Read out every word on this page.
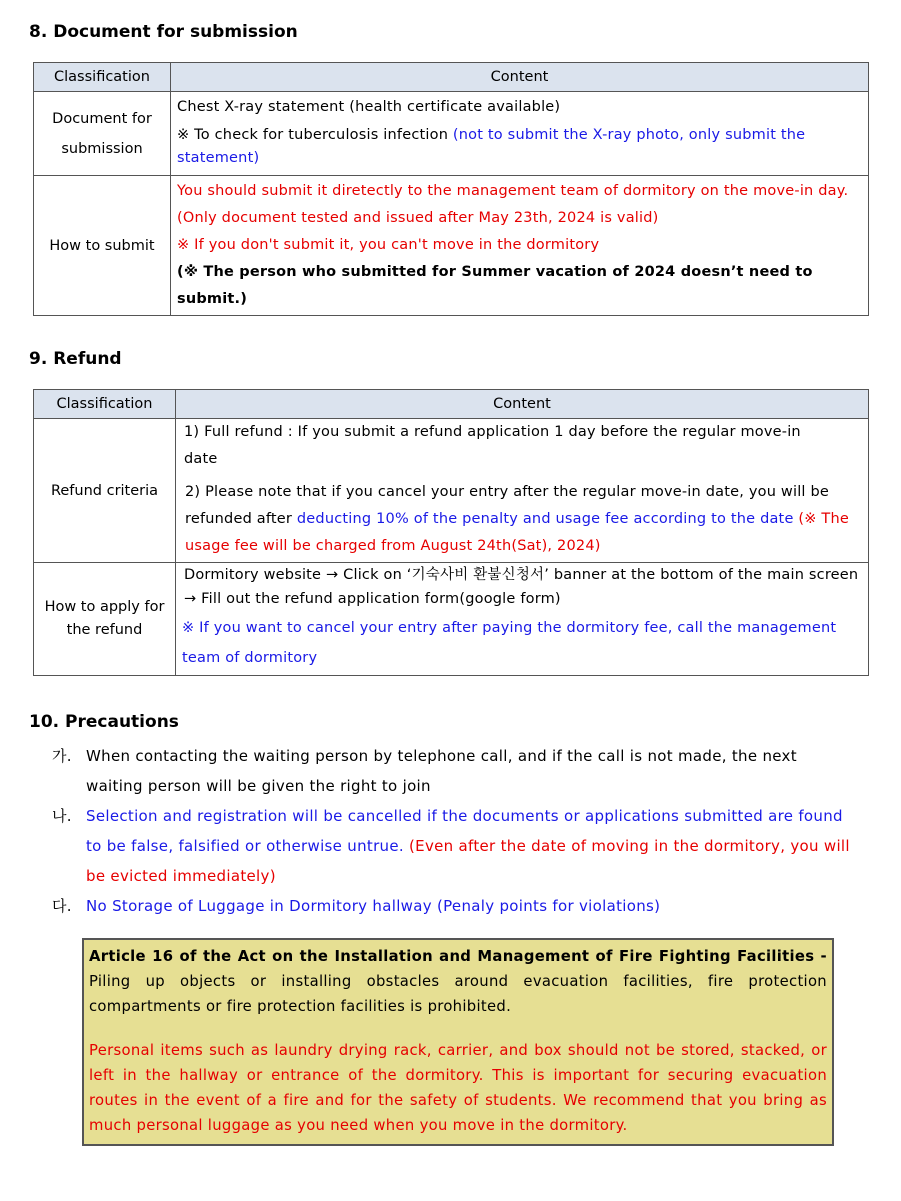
8. Document for submission
Classification	Content
Document for submission	Chest X-ray statement (health certificate available)
※ To check for tuberculosis infection (not to submit the X-ray photo, only submit the statement)

How to submit	You should submit it diretectly to the management team of dormitory on the move-in day. (Only document tested and issued after May 23th, 2024 is valid)
※ If you don't submit it, you can't move in the dormitory
(※ The person who submitted for Summer vacation of 2024 doesn’t need to submit.)
9. Refund
Classification	Content
Refund criteria	1) Full refund : If you submit a refund application 1 day before the regular move-in date
2) Please note that if you cancel your entry after the regular move-in date, you will be refunded after deducting 10% of the penalty and usage fee according to the date (※ The usage fee will be charged from August 24th(Sat), 2024)

How to apply for the refund	Dormitory website → Click on ‘기숙사비 환불신청서’ banner at the bottom of the main screen → Fill out the refund application form(google form)
※ If you want to cancel your entry after paying the dormitory fee, call the management team of dormitory
10. Precautions
가. When contacting the waiting person by telephone call, and if the call is not made, the next waiting person will be given the right to join
나. Selection and registration will be cancelled if the documents or applications submitted are found to be false, falsified or otherwise untrue. (Even after the date of moving in the dormitory, you will be evicted immediately)
다. No Storage of Luggage in Dormitory hallway (Penaly points for violations)

Article 16 of the Act on the Installation and Management of Fire Fighting Facilities - Piling up objects or installing obstacles around evacuation facilities, fire protection compartments or fire protection facilities is prohibited.

Personal items such as laundry drying rack, carrier, and box should not be stored, stacked, or left in the hallway or entrance of the dormitory. This is important for securing evacuation routes in the event of a fire and for the safety of students. We recommend that you bring as much personal luggage as you need when you move in the dormitory.
